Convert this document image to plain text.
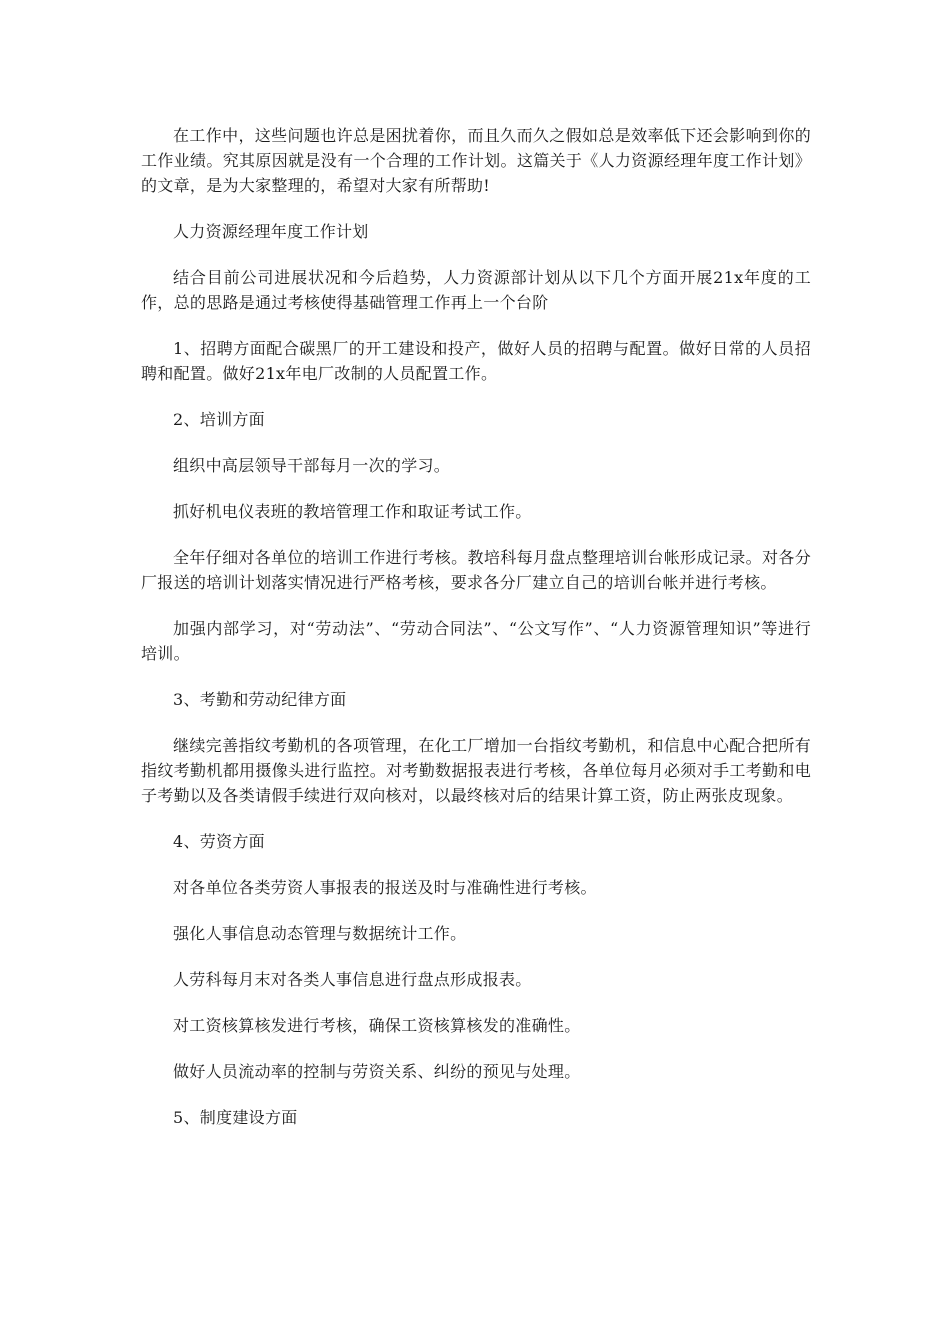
在工作中，这些问题也许总是困扰着你，而且久而久之假如总是效率低下还会影响到你的工作业绩。究其原因就是没有一个合理的工作计划。这篇关于《人力资源经理年度工作计划》的文章，是为大家整理的，希望对大家有所帮助!

人力资源经理年度工作计划

结合目前公司进展状况和今后趋势，人力资源部计划从以下几个方面开展21x年度的工作，总的思路是通过考核使得基础管理工作再上一个台阶

1、招聘方面配合碳黑厂的开工建设和投产，做好人员的招聘与配置。做好日常的人员招聘和配置。做好21x年电厂改制的人员配置工作。

2、培训方面

组织中高层领导干部每月一次的学习。

抓好机电仪表班的教培管理工作和取证考试工作。

全年仔细对各单位的培训工作进行考核。教培科每月盘点整理培训台帐形成记录。对各分厂报送的培训计划落实情况进行严格考核，要求各分厂建立自己的培训台帐并进行考核。

加强内部学习，对“劳动法”、“劳动合同法”、“公文写作”、“人力资源管理知识”等进行培训。

3、考勤和劳动纪律方面

继续完善指纹考勤机的各项管理，在化工厂增加一台指纹考勤机，和信息中心配合把所有指纹考勤机都用摄像头进行监控。对考勤数据报表进行考核，各单位每月必须对手工考勤和电子考勤以及各类请假手续进行双向核对，以最终核对后的结果计算工资，防止两张皮现象。

4、劳资方面

对各单位各类劳资人事报表的报送及时与准确性进行考核。

强化人事信息动态管理与数据统计工作。

人劳科每月末对各类人事信息进行盘点形成报表。

对工资核算核发进行考核，确保工资核算核发的准确性。

做好人员流动率的控制与劳资关系、纠纷的预见与处理。

5、制度建设方面
